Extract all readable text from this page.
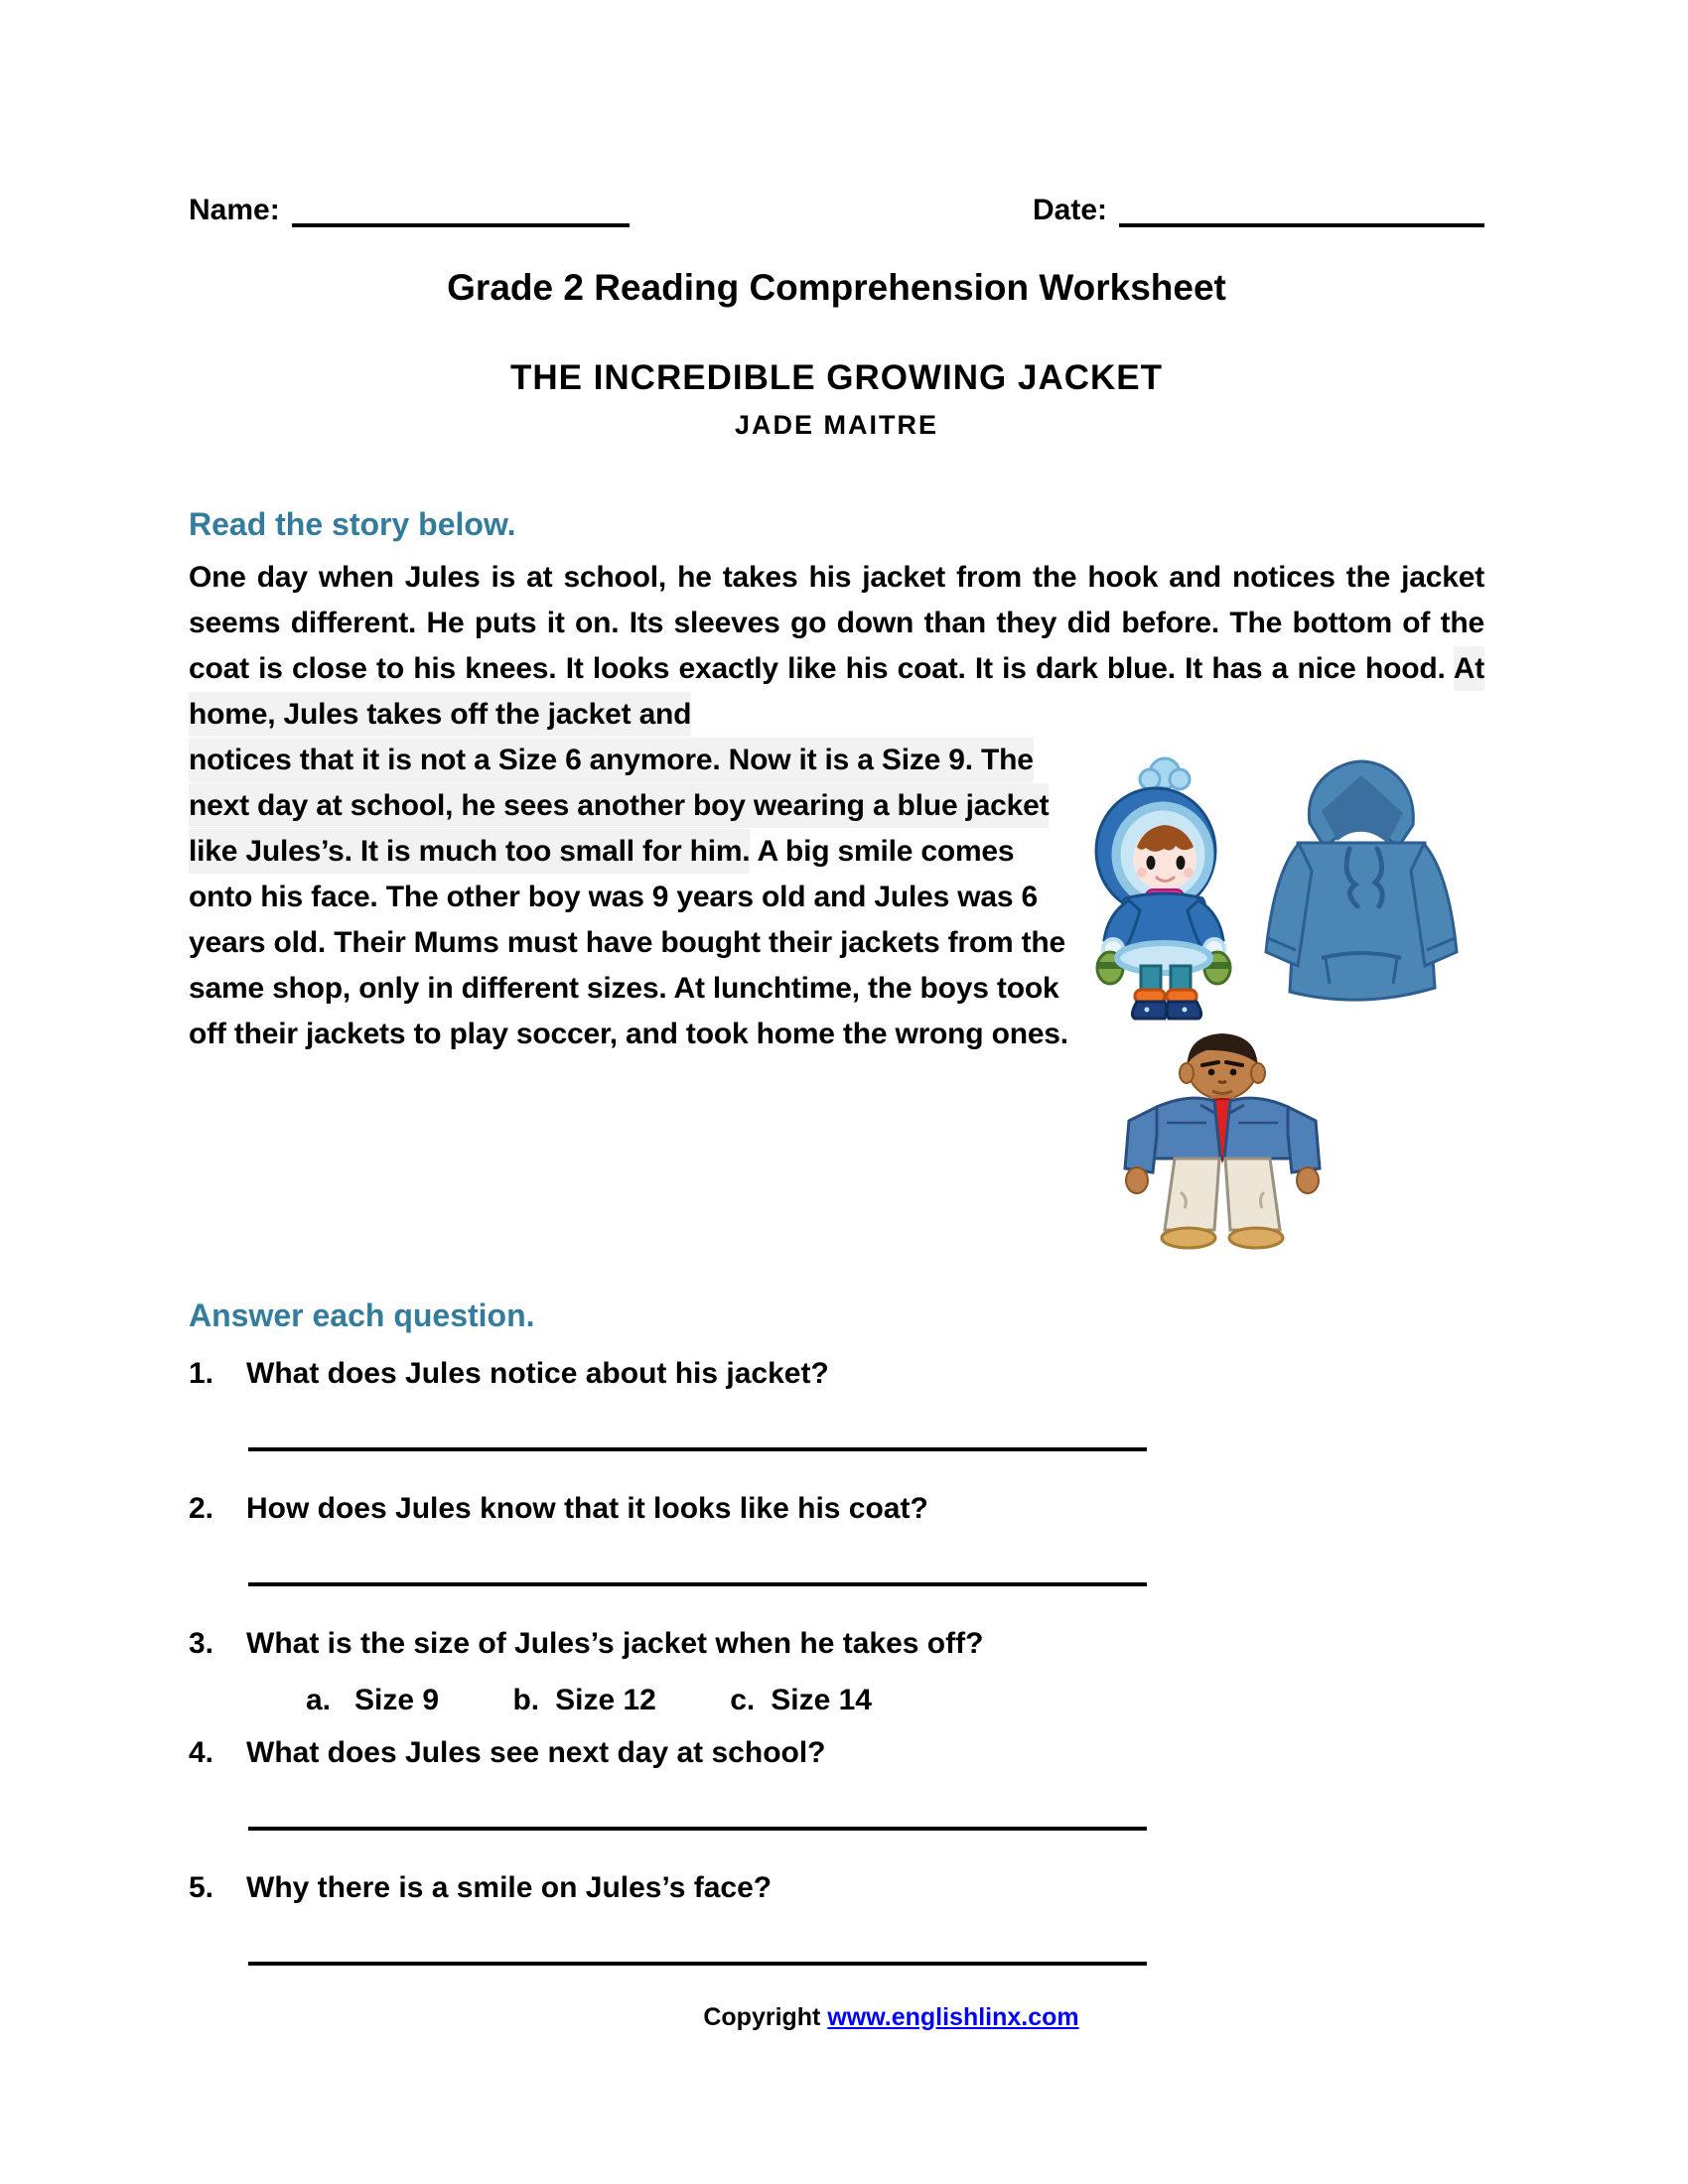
Name:	Date:
Grade 2 Reading Comprehension Worksheet
THE INCREDIBLE GROWING JACKET
JADE MAITRE
Read the story below.
One day when Jules is at school, he takes his jacket from the hook and notices the jacket seems different. He puts it on. Its sleeves go down than they did before. The bottom of the coat is close to his knees. It looks exactly like his coat. It is dark blue. It has a nice hood. At home, Jules takes off the jacket and
notices that it is not a Size 6 anymore. Now it is a Size 9. The next day at school, he sees another boy wearing a blue jacket like Jules’s. It is much too small for him. A big smile comes onto his face. The other boy was 9 years old and Jules was 6 years old. Their Mums must have bought their jackets from the same shop, only in different sizes. At lunchtime, the boys took off their jackets to play soccer, and took home the wrong ones.
Answer each question.
1.	What does Jules notice about his jacket?
2.	How does Jules know that it looks like his coat?
3.	What is the size of Jules’s jacket when he takes off?
a. Size 9 b. Size 12 c. Size 14
4.	What does Jules see next day at school?
5.	Why there is a smile on Jules’s face?
Copyright www.englishlinx.com
